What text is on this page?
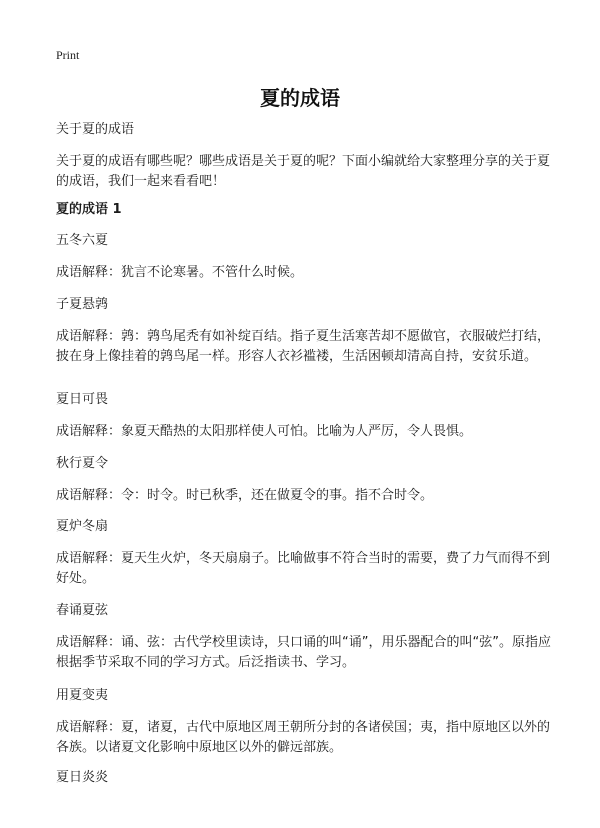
Print
夏的成语
关于夏的成语
关于夏的成语有哪些呢？哪些成语是关于夏的呢？下面小编就给大家整理分享的关于夏的成语，我们一起来看看吧！
夏的成语 1
五冬六夏
成语解释：犹言不论寒暑。不管什么时候。
子夏悬鹑
成语解释：鹑：鹑鸟尾秃有如补绽百结。指子夏生活寒苦却不愿做官，衣服破烂打结，披在身上像挂着的鹑鸟尾一样。形容人衣衫褴褛，生活困顿却清高自持，安贫乐道。
夏日可畏
成语解释：象夏天酷热的太阳那样使人可怕。比喻为人严厉，令人畏惧。
秋行夏令
成语解释：令：时令。时已秋季，还在做夏令的事。指不合时令。
夏炉冬扇
成语解释：夏天生火炉，冬天扇扇子。比喻做事不符合当时的需要，费了力气而得不到好处。
春诵夏弦
成语解释：诵、弦：古代学校里读诗，只口诵的叫“诵”，用乐器配合的叫“弦”。原指应根据季节采取不同的学习方式。后泛指读书、学习。
用夏变夷
成语解释：夏，诸夏，古代中原地区周王朝所分封的各诸侯国；夷，指中原地区以外的各族。以诸夏文化影响中原地区以外的僻远部族。
夏日炎炎
